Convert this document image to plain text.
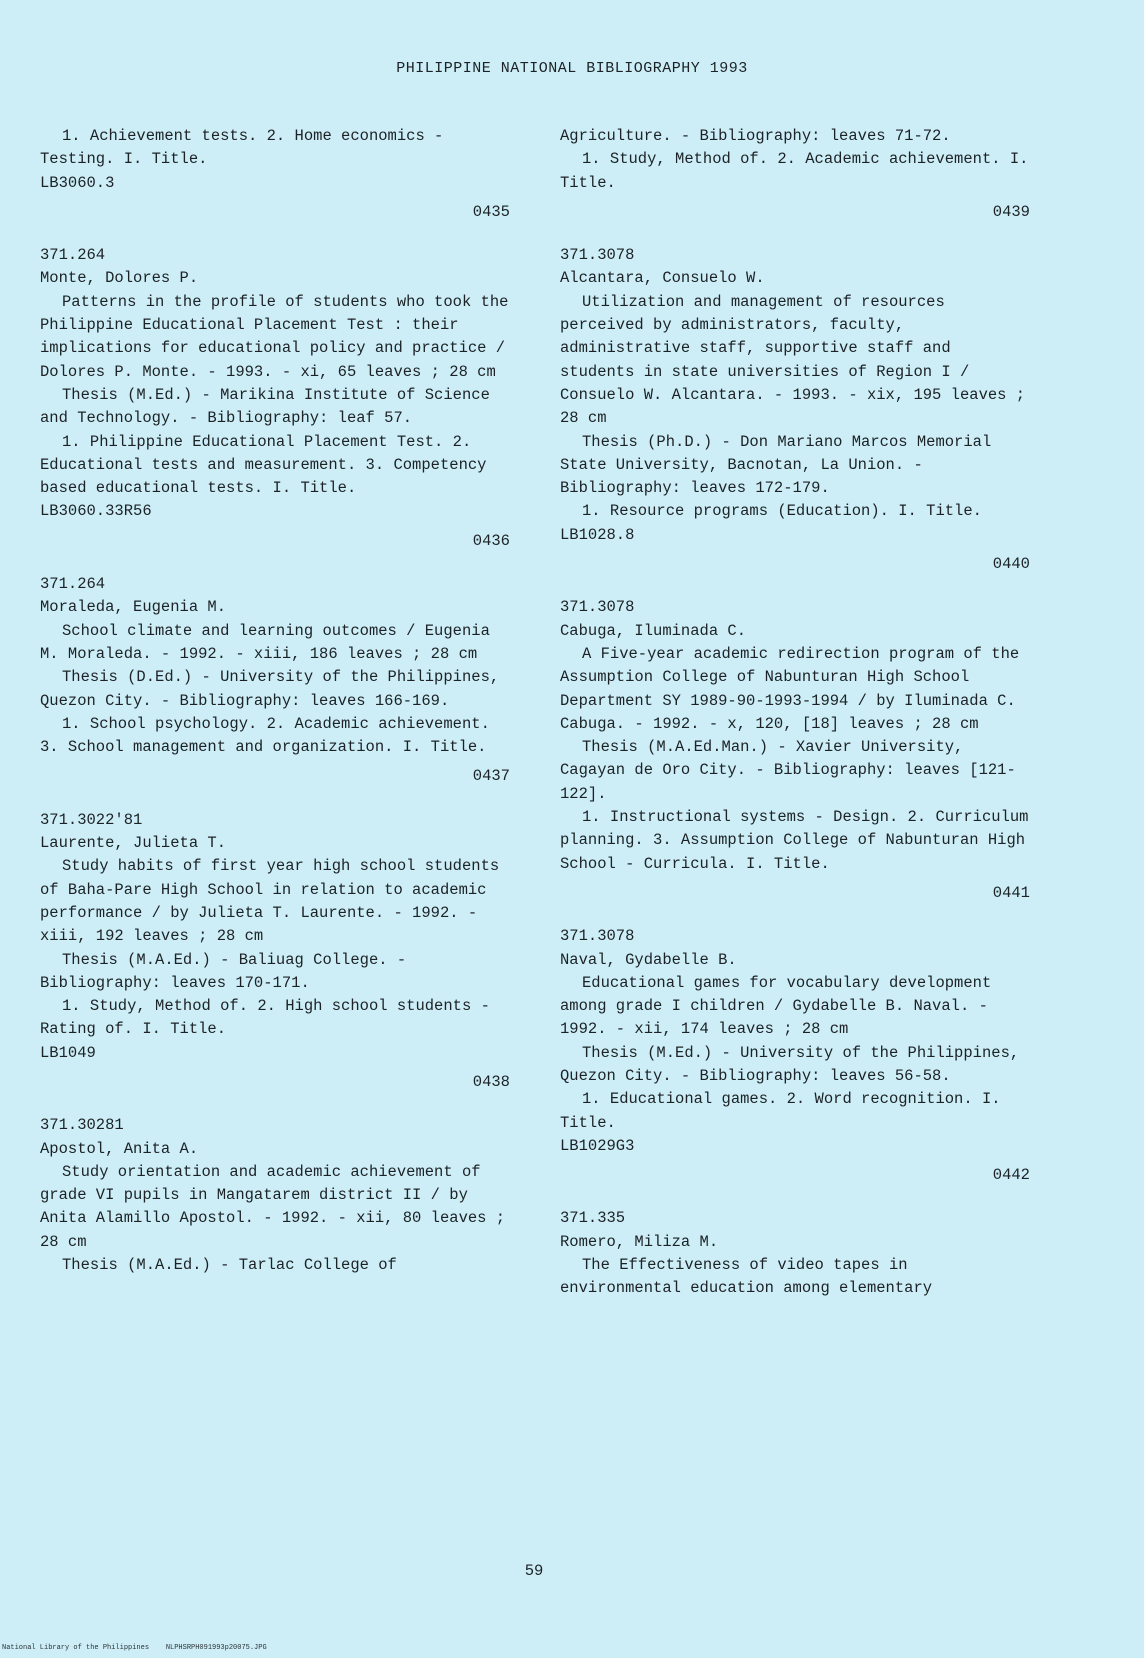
PHILIPPINE NATIONAL BIBLIOGRAPHY 1993

1. Achievement tests. 2. Home economics - Testing. I. Title.

LB3060.3

0435

371.264

Monte, Dolores P.

Patterns in the profile of students who took the Philippine Educational Placement Test : their implications for educational policy and practice / Dolores P. Monte. - 1993. - xi, 65 leaves ; 28 cm

Thesis (M.Ed.) - Marikina Institute of Science and Technology. - Bibliography: leaf 57.

1. Philippine Educational Placement Test. 2. Educational tests and measurement. 3. Competency based educational tests. I. Title.

LB3060.33R56

0436

371.264

Moraleda, Eugenia M.

School climate and learning outcomes / Eugenia M. Moraleda. - 1992. - xiii, 186 leaves ; 28 cm

Thesis (D.Ed.) - University of the Philippines, Quezon City. - Bibliography: leaves 166-169.

1. School psychology. 2. Academic achievement. 3. School management and organization. I. Title.

0437

371.3022'81

Laurente, Julieta T.

Study habits of first year high school students of Baha-Pare High School in relation to academic performance / by Julieta T. Laurente. - 1992. - xiii, 192 leaves ; 28 cm

Thesis (M.A.Ed.) - Baliuag College. - Bibliography: leaves 170-171.

1. Study, Method of. 2. High school students - Rating of. I. Title.

LB1049

0438

371.30281

Apostol, Anita A.

Study orientation and academic achievement of grade VI pupils in Mangatarem district II / by Anita Alamillo Apostol. - 1992. - xii, 80 leaves ; 28 cm

Thesis (M.A.Ed.) - Tarlac College of

Agriculture. - Bibliography: leaves 71-72.

1. Study, Method of. 2. Academic achievement. I. Title.

0439

371.3078

Alcantara, Consuelo W.

Utilization and management of resources perceived by administrators, faculty, administrative staff, supportive staff and students in state universities of Region I / Consuelo W. Alcantara. - 1993. - xix, 195 leaves ; 28 cm

Thesis (Ph.D.) - Don Mariano Marcos Memorial State University, Bacnotan, La Union. - Bibliography: leaves 172-179.

1. Resource programs (Education). I. Title.

LB1028.8

0440

371.3078

Cabuga, Iluminada C.

A Five-year academic redirection program of the Assumption College of Nabunturan High School Department SY 1989-90-1993-1994 / by Iluminada C. Cabuga. - 1992. - x, 120, [18] leaves ; 28 cm

Thesis (M.A.Ed.Man.) - Xavier University, Cagayan de Oro City. - Bibliography: leaves [121-122].

1. Instructional systems - Design. 2. Curriculum planning. 3. Assumption College of Nabunturan High School - Curricula. I. Title.

0441

371.3078

Naval, Gydabelle B.

Educational games for vocabulary development among grade I children / Gydabelle B. Naval. - 1992. - xii, 174 leaves ; 28 cm

Thesis (M.Ed.) - University of the Philippines, Quezon City. - Bibliography: leaves 56-58.

1. Educational games. 2. Word recognition. I. Title.

LB1029G3

0442

371.335

Romero, Miliza M.

The Effectiveness of video tapes in environmental education among elementary

59
National Library of the Philippines    NLPHSRPH091993p20075.JPG
